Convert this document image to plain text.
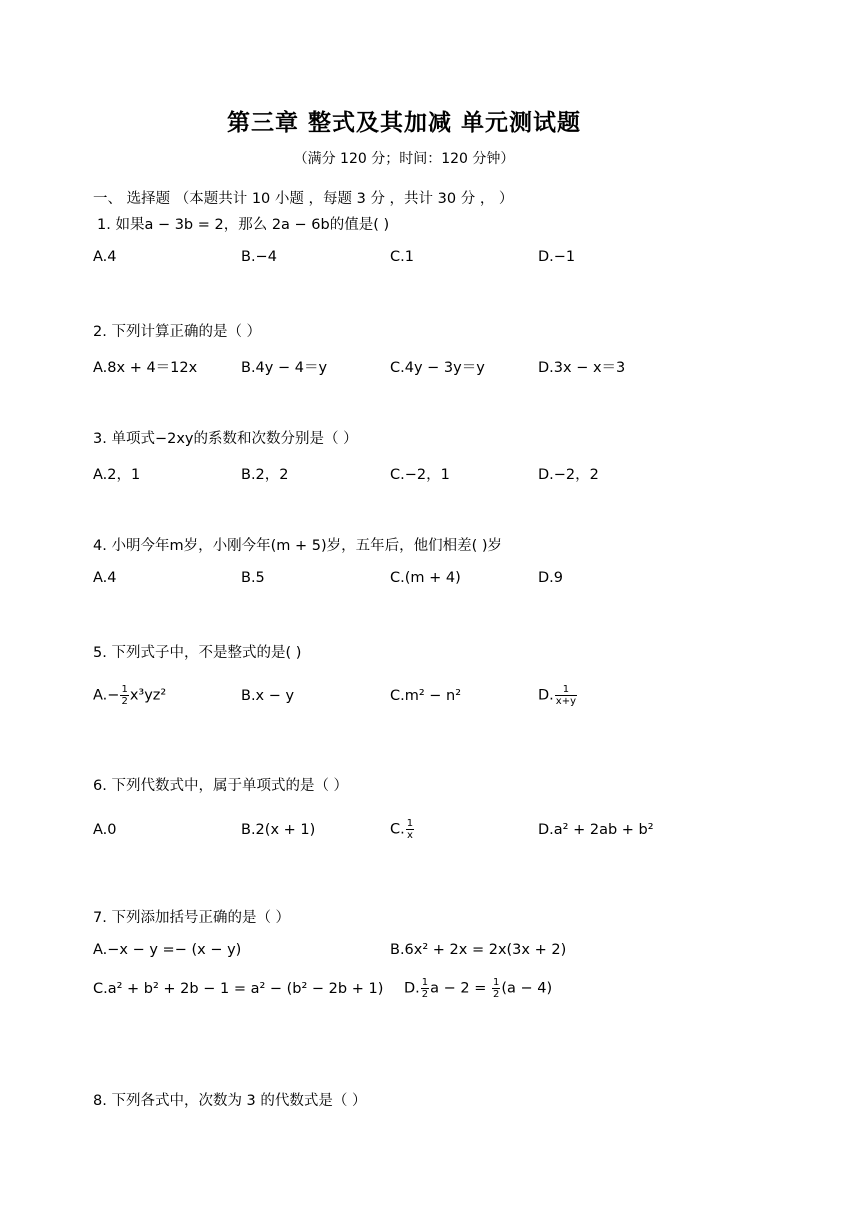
第三章 整式及其加减 单元测试题
（满分 120 分；时间：120 分钟）
一、 选择题 （本题共计 10 小题 ，每题 3 分 ，共计 30 分 ， ）
1. 如果a − 3b = 2，那么 2a − 6b的值是( )
A.4	B.−4	C.1	D.−1
2. 下列计算正确的是（ ）
A.8x + 4＝12x	B.4y − 4＝y	C.4y − 3y＝y	D.3x − x＝3
3. 单项式−2xy的系数和次数分别是（ ）
A.2，1	B.2，2	C.−2，1	D.−2，2
4. 小明今年m岁，小刚今年(m + 5)岁，五年后，他们相差( )岁
A.4	B.5	C.(m + 4)	D.9
5. 下列式子中，不是整式的是( )
$A.- \frac{1}{2} x^3yz^2$	B.x − y	C.m² − n²	D. $\frac{1}{x+y}$
6. 下列代数式中，属于单项式的是（ ）
A.0	B.2(x + 1)	C. $\frac{1}{x}$	D.a² + 2ab + b²
7. 下列添加括号正确的是（ ）
A.−x − y =− (x − y)	B.6x² + 2x = 2x(3x + 2)
C.a² + b² + 2b − 1 = a² − (b² − 2b + 1) D. $\frac{1}{2}$ $a - 2 = \frac{1}{2} (a - 4)$
8. 下列各式中，次数为 3 的代数式是（ ）
